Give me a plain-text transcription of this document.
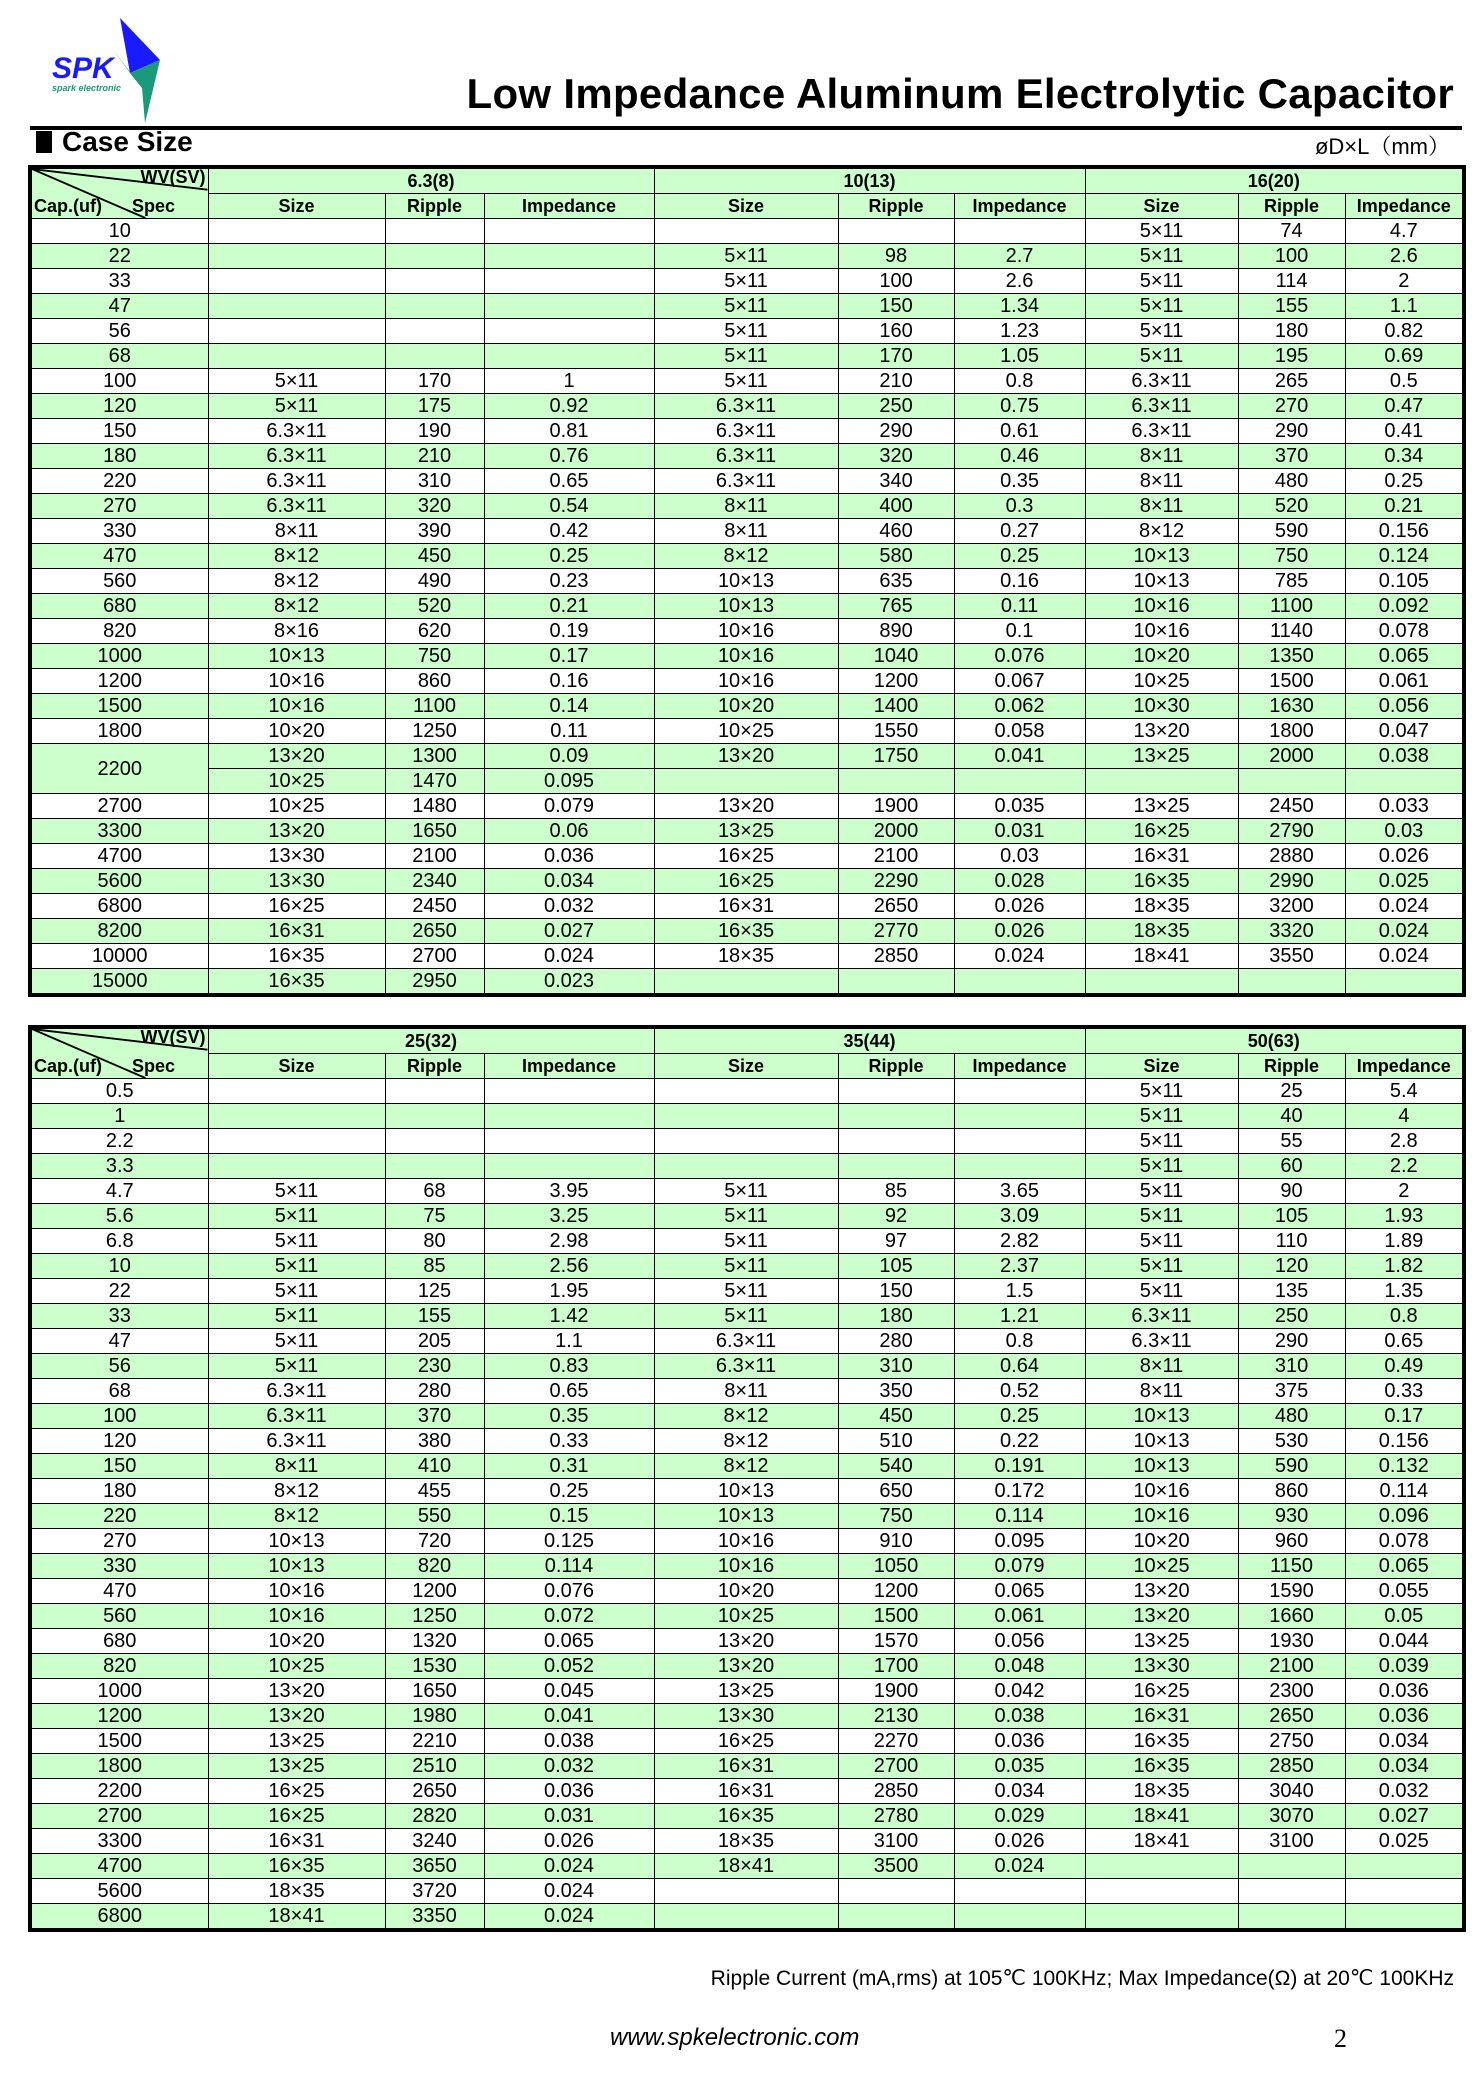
SPK
spark electronic	Low Impedance Aluminum Electrolytic Capacitor
Case Size	øD×L（mm）
WV(SV)
Cap.(uf) Spec	6.3(8)			10(13)			16(20)		
	Size	Ripple	Impedance	Size	Ripple	Impedance	Size	Ripple	Impedance
10							5×11	74	4.7
22				5×11	98	2.7	5×11	100	2.6
33				5×11	100	2.6	5×11	114	2
47				5×11	150	1.34	5×11	155	1.1
56				5×11	160	1.23	5×11	180	0.82
68				5×11	170	1.05	5×11	195	0.69
100	5×11	170	1	5×11	210	0.8	6.3×11	265	0.5
120	5×11	175	0.92	6.3×11	250	0.75	6.3×11	270	0.47
150	6.3×11	190	0.81	6.3×11	290	0.61	6.3×11	290	0.41
180	6.3×11	210	0.76	6.3×11	320	0.46	8×11	370	0.34
220	6.3×11	310	0.65	6.3×11	340	0.35	8×11	480	0.25
270	6.3×11	320	0.54	8×11	400	0.3	8×11	520	0.21
330	8×11	390	0.42	8×11	460	0.27	8×12	590	0.156
470	8×12	450	0.25	8×12	580	0.25	10×13	750	0.124
560	8×12	490	0.23	10×13	635	0.16	10×13	785	0.105
680	8×12	520	0.21	10×13	765	0.11	10×16	1100	0.092
820	8×16	620	0.19	10×16	890	0.1	10×16	1140	0.078
1000	10×13	750	0.17	10×16	1040	0.076	10×20	1350	0.065
1200	10×16	860	0.16	10×16	1200	0.067	10×25	1500	0.061
1500	10×16	1100	0.14	10×20	1400	0.062	10×30	1630	0.056
1800	10×20	1250	0.11	10×25	1550	0.058	13×20	1800	0.047
2200	13×20	1300	0.09	13×20	1750	0.041	13×25	2000	0.038
	10×25	1470	0.095						
2700	10×25	1480	0.079	13×20	1900	0.035	13×25	2450	0.033
3300	13×20	1650	0.06	13×25	2000	0.031	16×25	2790	0.03
4700	13×30	2100	0.036	16×25	2100	0.03	16×31	2880	0.026
5600	13×30	2340	0.034	16×25	2290	0.028	16×35	2990	0.025
6800	16×25	2450	0.032	16×31	2650	0.026	18×35	3200	0.024
8200	16×31	2650	0.027	16×35	2770	0.026	18×35	3320	0.024
10000	16×35	2700	0.024	18×35	2850	0.024	18×41	3550	0.024
15000	16×35	2950	0.023						
WV(SV)
Cap.(uf) Spec	25(32)			35(44)			50(63)		
	Size	Ripple	Impedance	Size	Ripple	Impedance	Size	Ripple	Impedance
0.5							5×11	25	5.4
1							5×11	40	4
2.2							5×11	55	2.8
3.3							5×11	60	2.2
4.7	5×11	68	3.95	5×11	85	3.65	5×11	90	2
5.6	5×11	75	3.25	5×11	92	3.09	5×11	105	1.93
6.8	5×11	80	2.98	5×11	97	2.82	5×11	110	1.89
10	5×11	85	2.56	5×11	105	2.37	5×11	120	1.82
22	5×11	125	1.95	5×11	150	1.5	5×11	135	1.35
33	5×11	155	1.42	5×11	180	1.21	6.3×11	250	0.8
47	5×11	205	1.1	6.3×11	280	0.8	6.3×11	290	0.65
56	5×11	230	0.83	6.3×11	310	0.64	8×11	310	0.49
68	6.3×11	280	0.65	8×11	350	0.52	8×11	375	0.33
100	6.3×11	370	0.35	8×12	450	0.25	10×13	480	0.17
120	6.3×11	380	0.33	8×12	510	0.22	10×13	530	0.156
150	8×11	410	0.31	8×12	540	0.191	10×13	590	0.132
180	8×12	455	0.25	10×13	650	0.172	10×16	860	0.114
220	8×12	550	0.15	10×13	750	0.114	10×16	930	0.096
270	10×13	720	0.125	10×16	910	0.095	10×20	960	0.078
330	10×13	820	0.114	10×16	1050	0.079	10×25	1150	0.065
470	10×16	1200	0.076	10×20	1200	0.065	13×20	1590	0.055
560	10×16	1250	0.072	10×25	1500	0.061	13×20	1660	0.05
680	10×20	1320	0.065	13×20	1570	0.056	13×25	1930	0.044
820	10×25	1530	0.052	13×20	1700	0.048	13×30	2100	0.039
1000	13×20	1650	0.045	13×25	1900	0.042	16×25	2300	0.036
1200	13×20	1980	0.041	13×30	2130	0.038	16×31	2650	0.036
1500	13×25	2210	0.038	16×25	2270	0.036	16×35	2750	0.034
1800	13×25	2510	0.032	16×31	2700	0.035	16×35	2850	0.034
2200	16×25	2650	0.036	16×31	2850	0.034	18×35	3040	0.032
2700	16×25	2820	0.031	16×35	2780	0.029	18×41	3070	0.027
3300	16×31	3240	0.026	18×35	3100	0.026	18×41	3100	0.025
4700	16×35	3650	0.024	18×41	3500	0.024			
5600	18×35	3720	0.024						
6800	18×41	3350	0.024						
Ripple Current (mA,rms) at 105℃ 100KHz; Max Impedance(Ω) at 20℃ 100KHz
www.spkelectronic.com	2
